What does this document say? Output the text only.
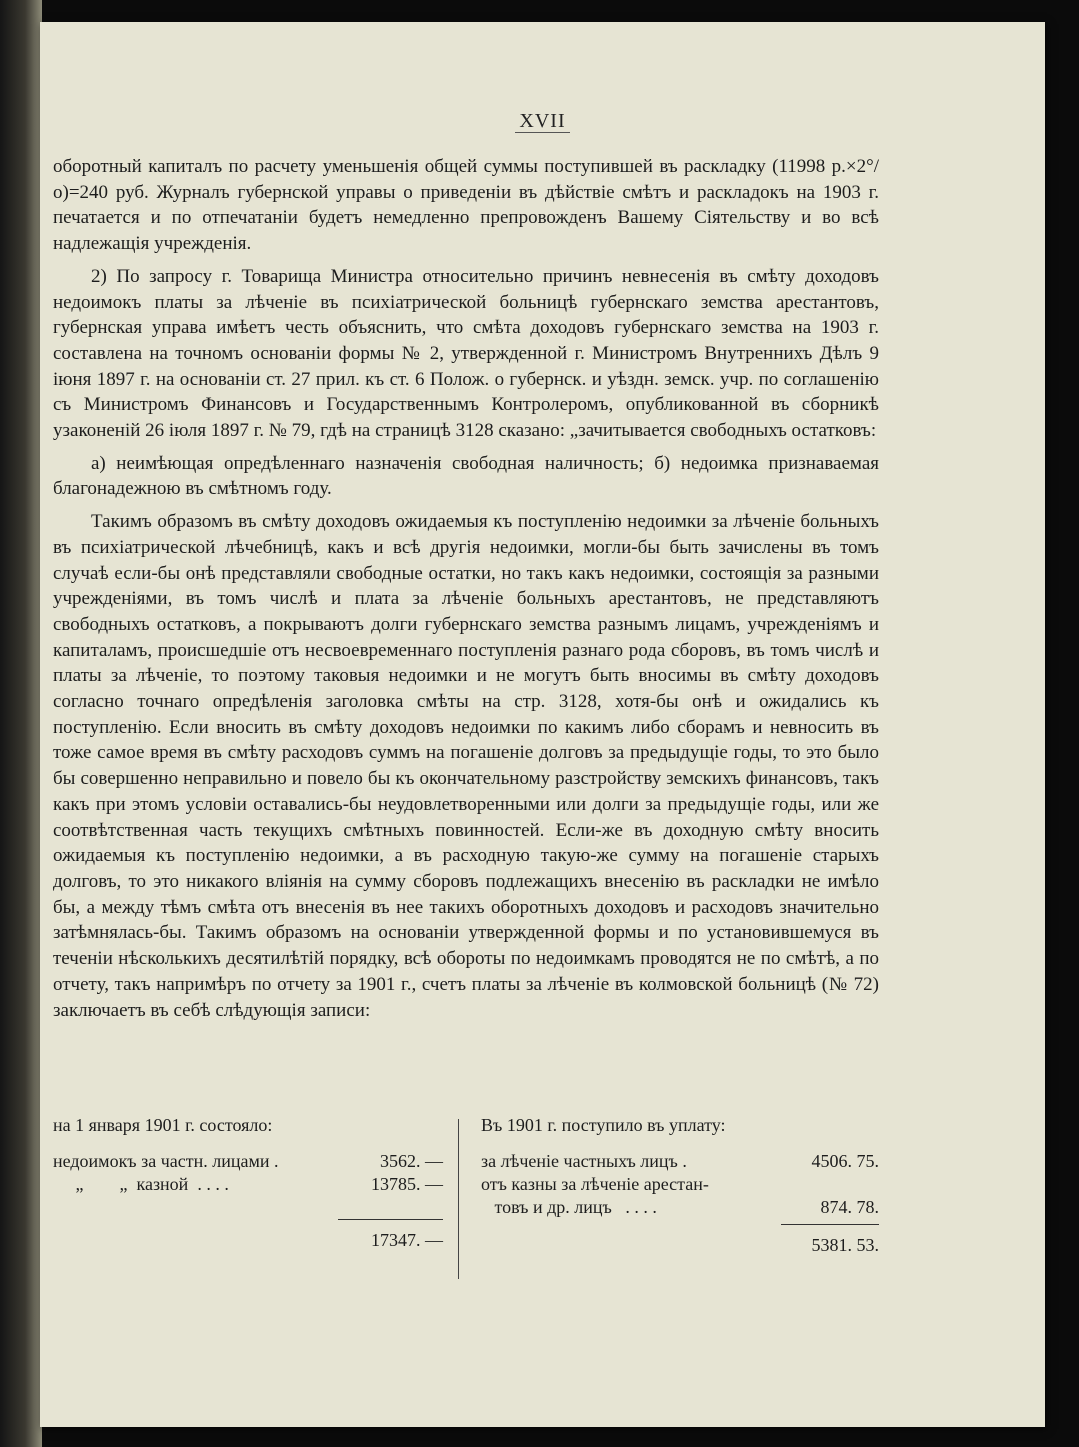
XVII

оборотный капиталъ по расчету уменьшенія общей суммы поступившей въ раскладку (11998 р.×2°/о)=240 руб. Журналъ губернской управы о приведеніи въ дѣйствіе смѣтъ и раскладокъ на 1903 г. печатается и по отпечатаніи будетъ немедленно препровожденъ Вашему Сіятельству и во всѣ надлежащія учрежденія.

2) По запросу г. Товарища Министра относительно причинъ невнесенія въ смѣту доходовъ недоимокъ платы за лѣченіе въ психіатрической больницѣ губернскаго земства арестантовъ, губернская управа имѣетъ честь объяснить, что смѣта доходовъ губернскаго земства на 1903 г. составлена на точномъ основаніи формы № 2, утвержденной г. Министромъ Внутреннихъ Дѣлъ 9 іюня 1897 г. на основаніи ст. 27 прил. къ ст. 6 Полож. о губернск. и уѣздн. земск. учр. по соглашенію съ Министромъ Финансовъ и Государственнымъ Контролеромъ, опубликованной въ сборникѣ узаконеній 26 іюля 1897 г. № 79, гдѣ на страницѣ 3128 сказано: „зачитывается свободныхъ остатковъ:

а) неимѣющая опредѣленнаго назначенія свободная наличность; б) недоимка признаваемая благонадежною въ смѣтномъ году.

Такимъ образомъ въ смѣту доходовъ ожидаемыя къ поступленію недоимки за лѣченіе больныхъ въ психіатрической лѣчебницѣ, какъ и всѣ другія недоимки, могли-бы быть зачислены въ томъ случаѣ если-бы онѣ представляли свободные остатки, но такъ какъ недоимки, состоящія за разными учрежденіями, въ томъ числѣ и плата за лѣченіе больныхъ арестантовъ, не представляютъ свободныхъ остатковъ, а покрываютъ долги губернскаго земства разнымъ лицамъ, учрежденіямъ и капиталамъ, происшедшіе отъ несвоевременнаго поступленія разнаго рода сборовъ, въ томъ числѣ и платы за лѣченіе, то поэтому таковыя недоимки и не могутъ быть вносимы въ смѣту доходовъ согласно точнаго опредѣленія заголовка смѣты на стр. 3128, хотя-бы онѣ и ожидались къ поступленію. Если вносить въ смѣту доходовъ недоимки по какимъ либо сборамъ и невносить въ тоже самое время въ смѣту расходовъ суммъ на погашеніе долговъ за предыдущіе годы, то это было бы совершенно неправильно и повело бы къ окончательному разстройству земскихъ финансовъ, такъ какъ при этомъ условіи оставались-бы неудовлетворенными или долги за предыдущіе годы, или же соотвѣтственная часть текущихъ смѣтныхъ повинностей. Если-же въ доходную смѣту вносить ожидаемыя къ поступленію недоимки, а въ расходную такую-же сумму на погашеніе старыхъ долговъ, то это никакого вліянія на сумму сборовъ подлежащихъ внесенію въ раскладки не имѣло бы, а между тѣмъ смѣта отъ внесенія въ нее такихъ оборотныхъ доходовъ и расходовъ значительно затѣмнялась-бы. Такимъ образомъ на основаніи утвержденной формы и по установившемуся въ теченіи нѣсколькихъ десятилѣтій порядку, всѣ обороты по недоимкамъ проводятся не по смѣтѣ, а по отчету, такъ напримѣръ по отчету за 1901 г., счетъ платы за лѣченіе въ колмовской больницѣ (№ 72) заключаетъ въ себѣ слѣдующія записи:

на 1 января 1901 г. состояло:
недоимокъ за частн. лицами .	3562. —
„        „  казной  . . . .	13785. —
17347. —
Въ 1901 г. поступило въ уплату:
за лѣченіе частныхъ лицъ .	4506. 75.
отъ казны за лѣченіе арестан-
товъ и др. лицъ   . . . .	874. 78.
5381. 53.
